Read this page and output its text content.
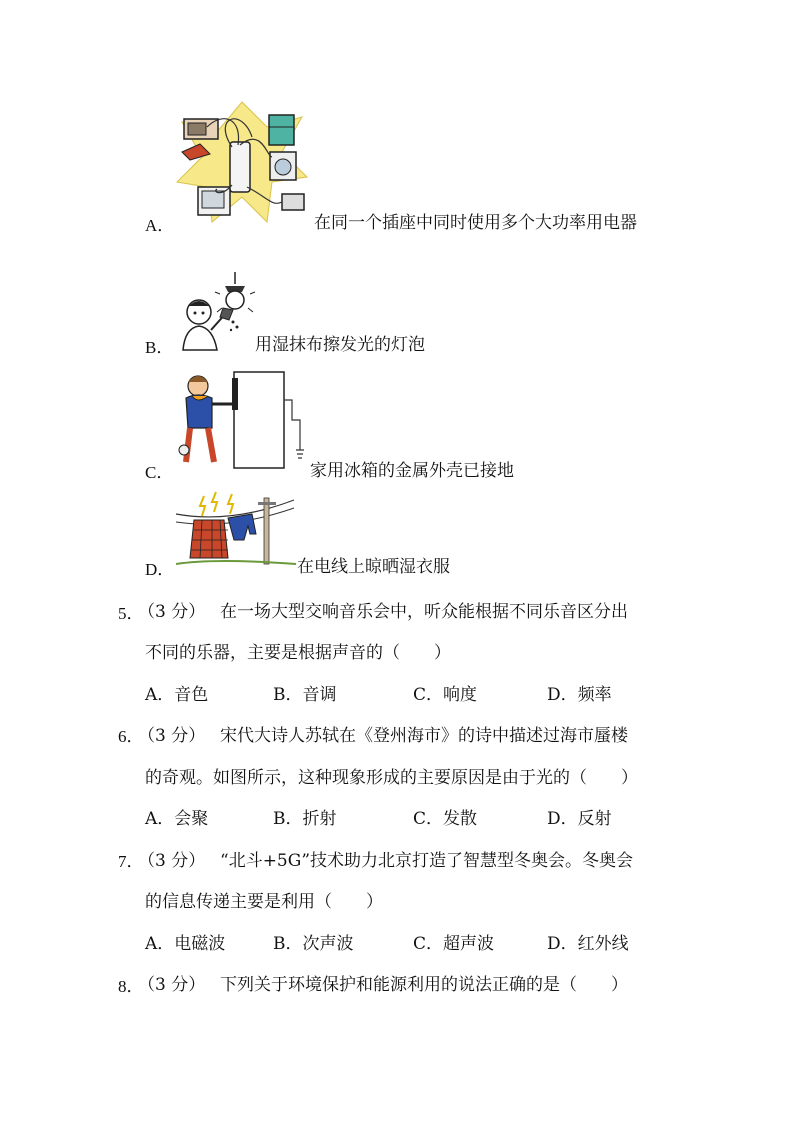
A．	在同一个插座中同时使用多个大功率用电器
B．	用湿抹布擦发光的灯泡
C．	家用冰箱的金属外壳已接地
D．	在电线上晾晒湿衣服
5．
（3 分） 在一场大型交响音乐会中，听众能根据不同乐音区分出
不同的乐器，主要是根据声音的（　　）
A．音色	B．音调	C．响度	D．频率
6．
（3 分） 宋代大诗人苏轼在《登州海市》的诗中描述过海市蜃楼
的奇观。如图所示，这种现象形成的主要原因是由于光的（　　）
A．会聚	B．折射	C．发散	D．反射
7．
（3 分） “北斗+5G”技术助力北京打造了智慧型冬奥会。冬奥会
的信息传递主要是利用（　　）
A．电磁波	B．次声波	C．超声波	D．红外线
8．
（3 分） 下列关于环境保护和能源利用的说法正确的是（　　）
